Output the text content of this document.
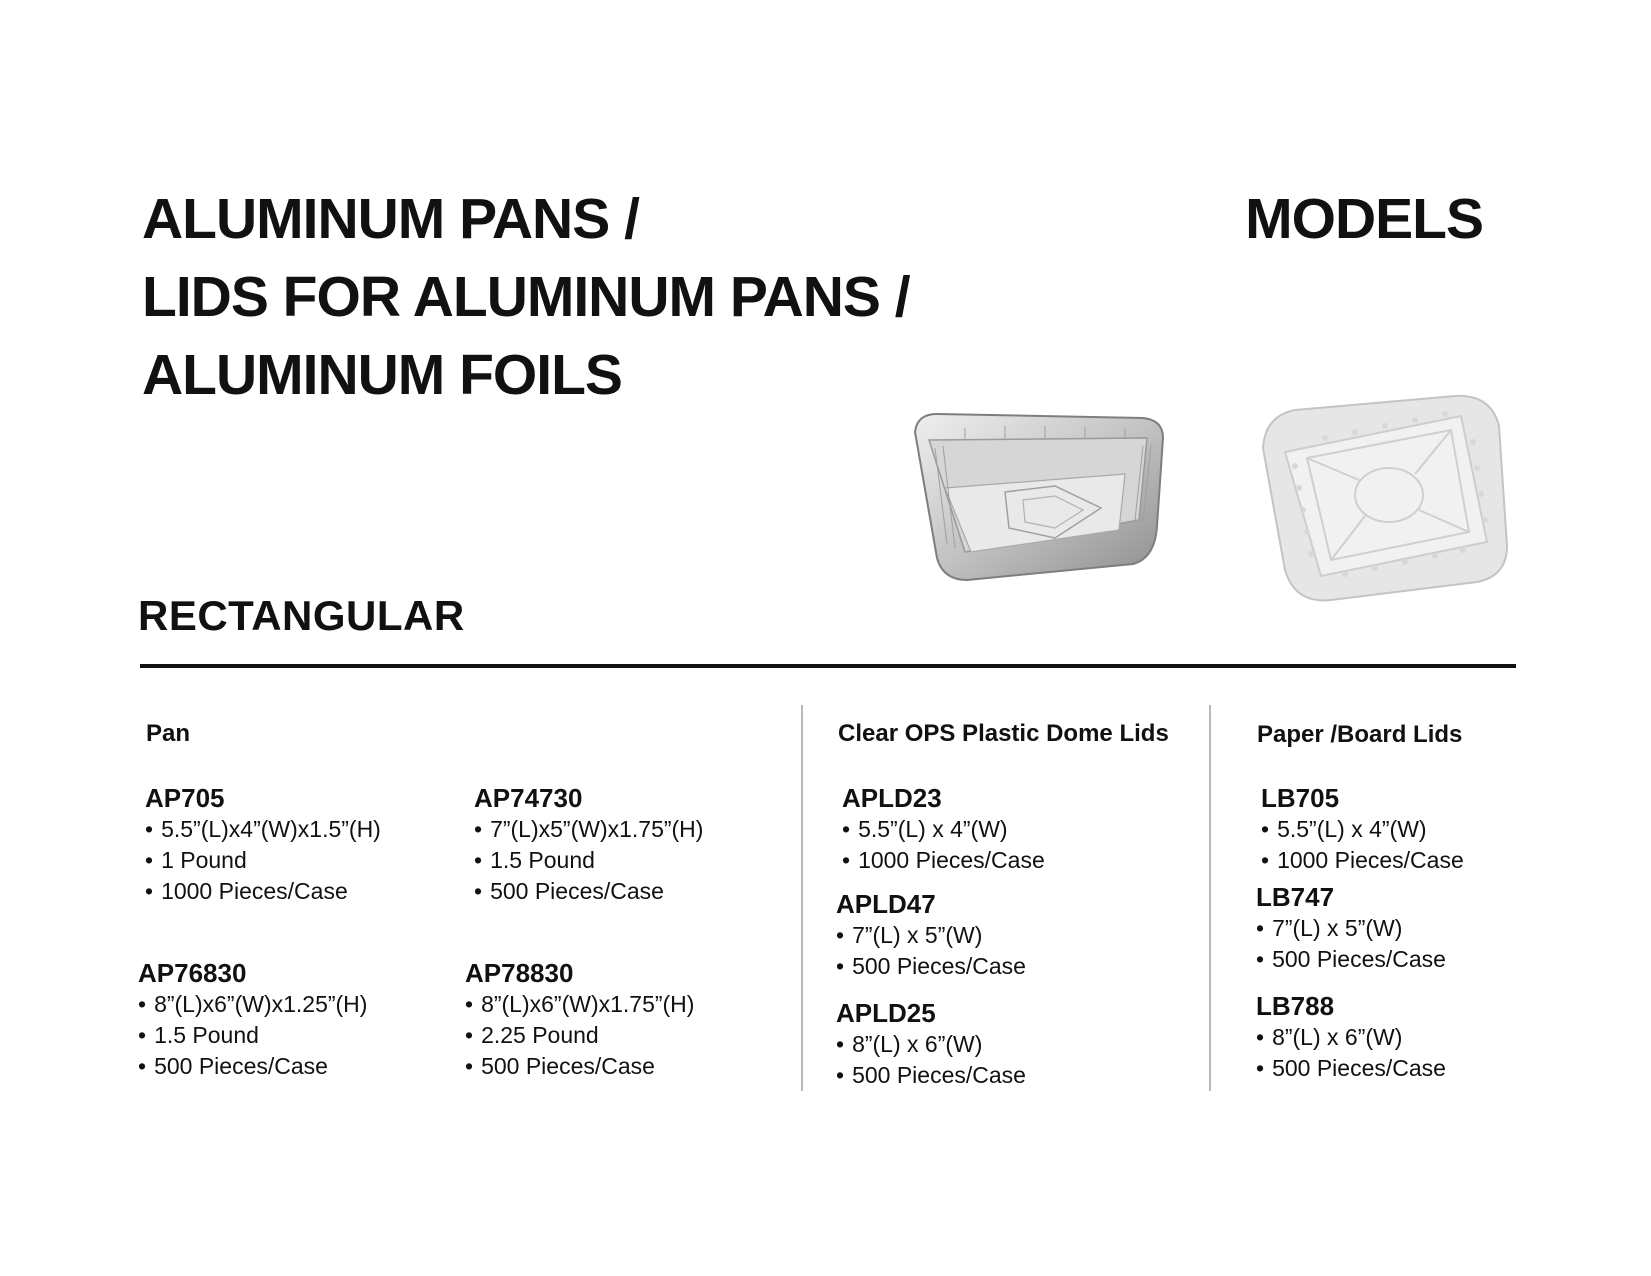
ALUMINUM PANS /
LIDS FOR ALUMINUM PANS /
ALUMINUM FOILS
MODELS
RECTANGULAR
Pan	Clear OPS Plastic Dome Lids	Paper /Board Lids
AP705
• 5.5”(L)x4”(W)x1.5”(H)
• 1 Pound
• 1000 Pieces/Case
AP74730
• 7”(L)x5”(W)x1.75”(H)
• 1.5 Pound
• 500 Pieces/Case
AP76830
• 8”(L)x6”(W)x1.25”(H)
• 1.5 Pound
• 500 Pieces/Case
AP78830
• 8”(L)x6”(W)x1.75”(H)
• 2.25 Pound
• 500 Pieces/Case
APLD23
• 5.5”(L) x 4”(W)
• 1000 Pieces/Case
APLD47
• 7”(L) x 5”(W)
• 500 Pieces/Case
APLD25
• 8”(L) x 6”(W)
• 500 Pieces/Case
LB705
• 5.5”(L) x 4”(W)
• 1000 Pieces/Case
LB747
• 7”(L) x 5”(W)
• 500 Pieces/Case
LB788
• 8”(L) x 6”(W)
• 500 Pieces/Case
